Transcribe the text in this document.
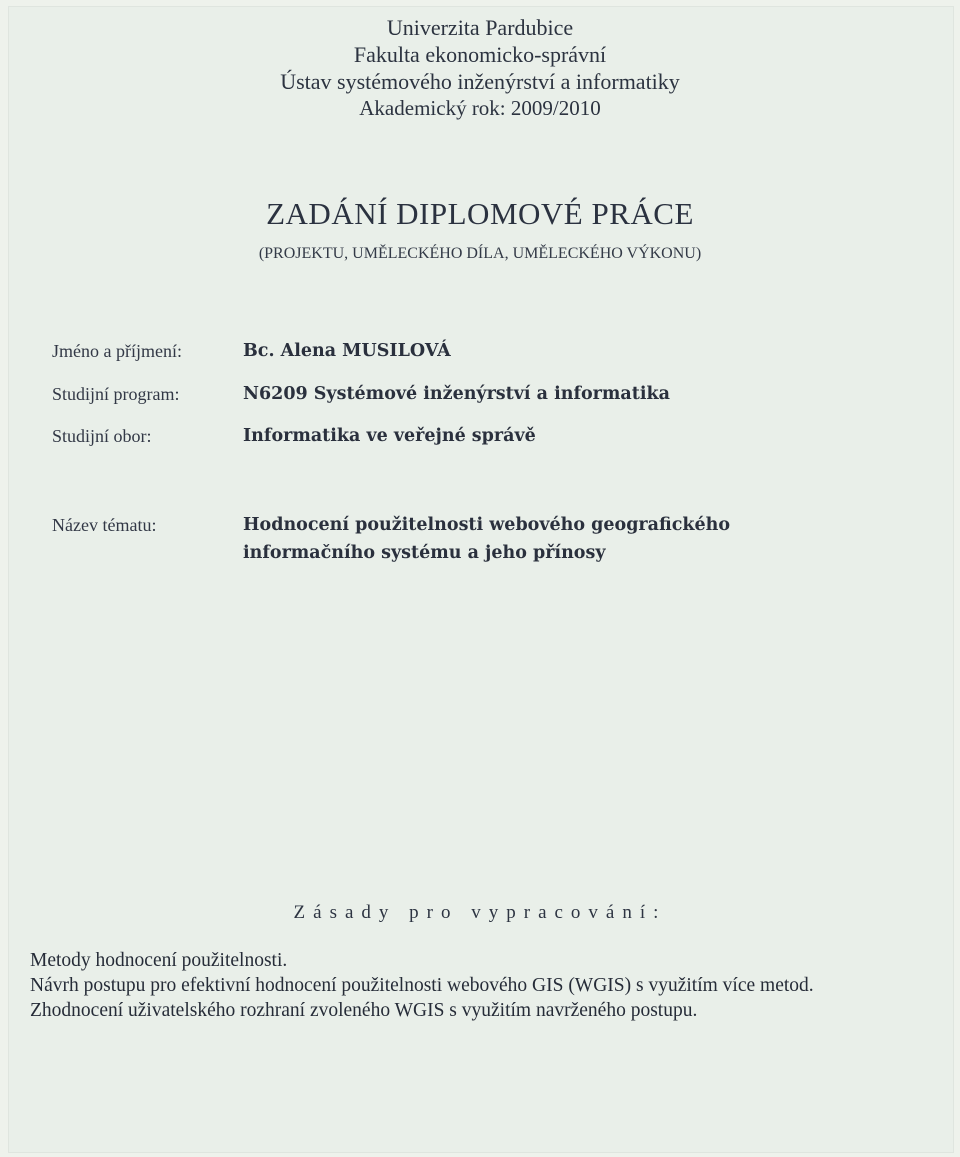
Univerzita Pardubice
Fakulta ekonomicko-správní
Ústav systémového inženýrství a informatiky
Akademický rok: 2009/2010
ZADÁNÍ DIPLOMOVÉ PRÁCE
(PROJEKTU, UMĚLECKÉHO DÍLA, UMĚLECKÉHO VÝKONU)
Jméno a příjmení:	Bc. Alena MUSILOVÁ
Studijní program:	N6209 Systémové inženýrství a informatika
Studijní obor:	Informatika ve veřejné správě
Název tématu:	Hodnocení použitelnosti webového geografického informačního systému a jeho přínosy
Zásady pro vypracování:

Metody hodnocení použitelnosti.

Návrh postupu pro efektivní hodnocení použitelnosti webového GIS (WGIS) s využitím více metod.

Zhodnocení uživatelského rozhraní zvoleného WGIS s využitím navrženého postupu.
